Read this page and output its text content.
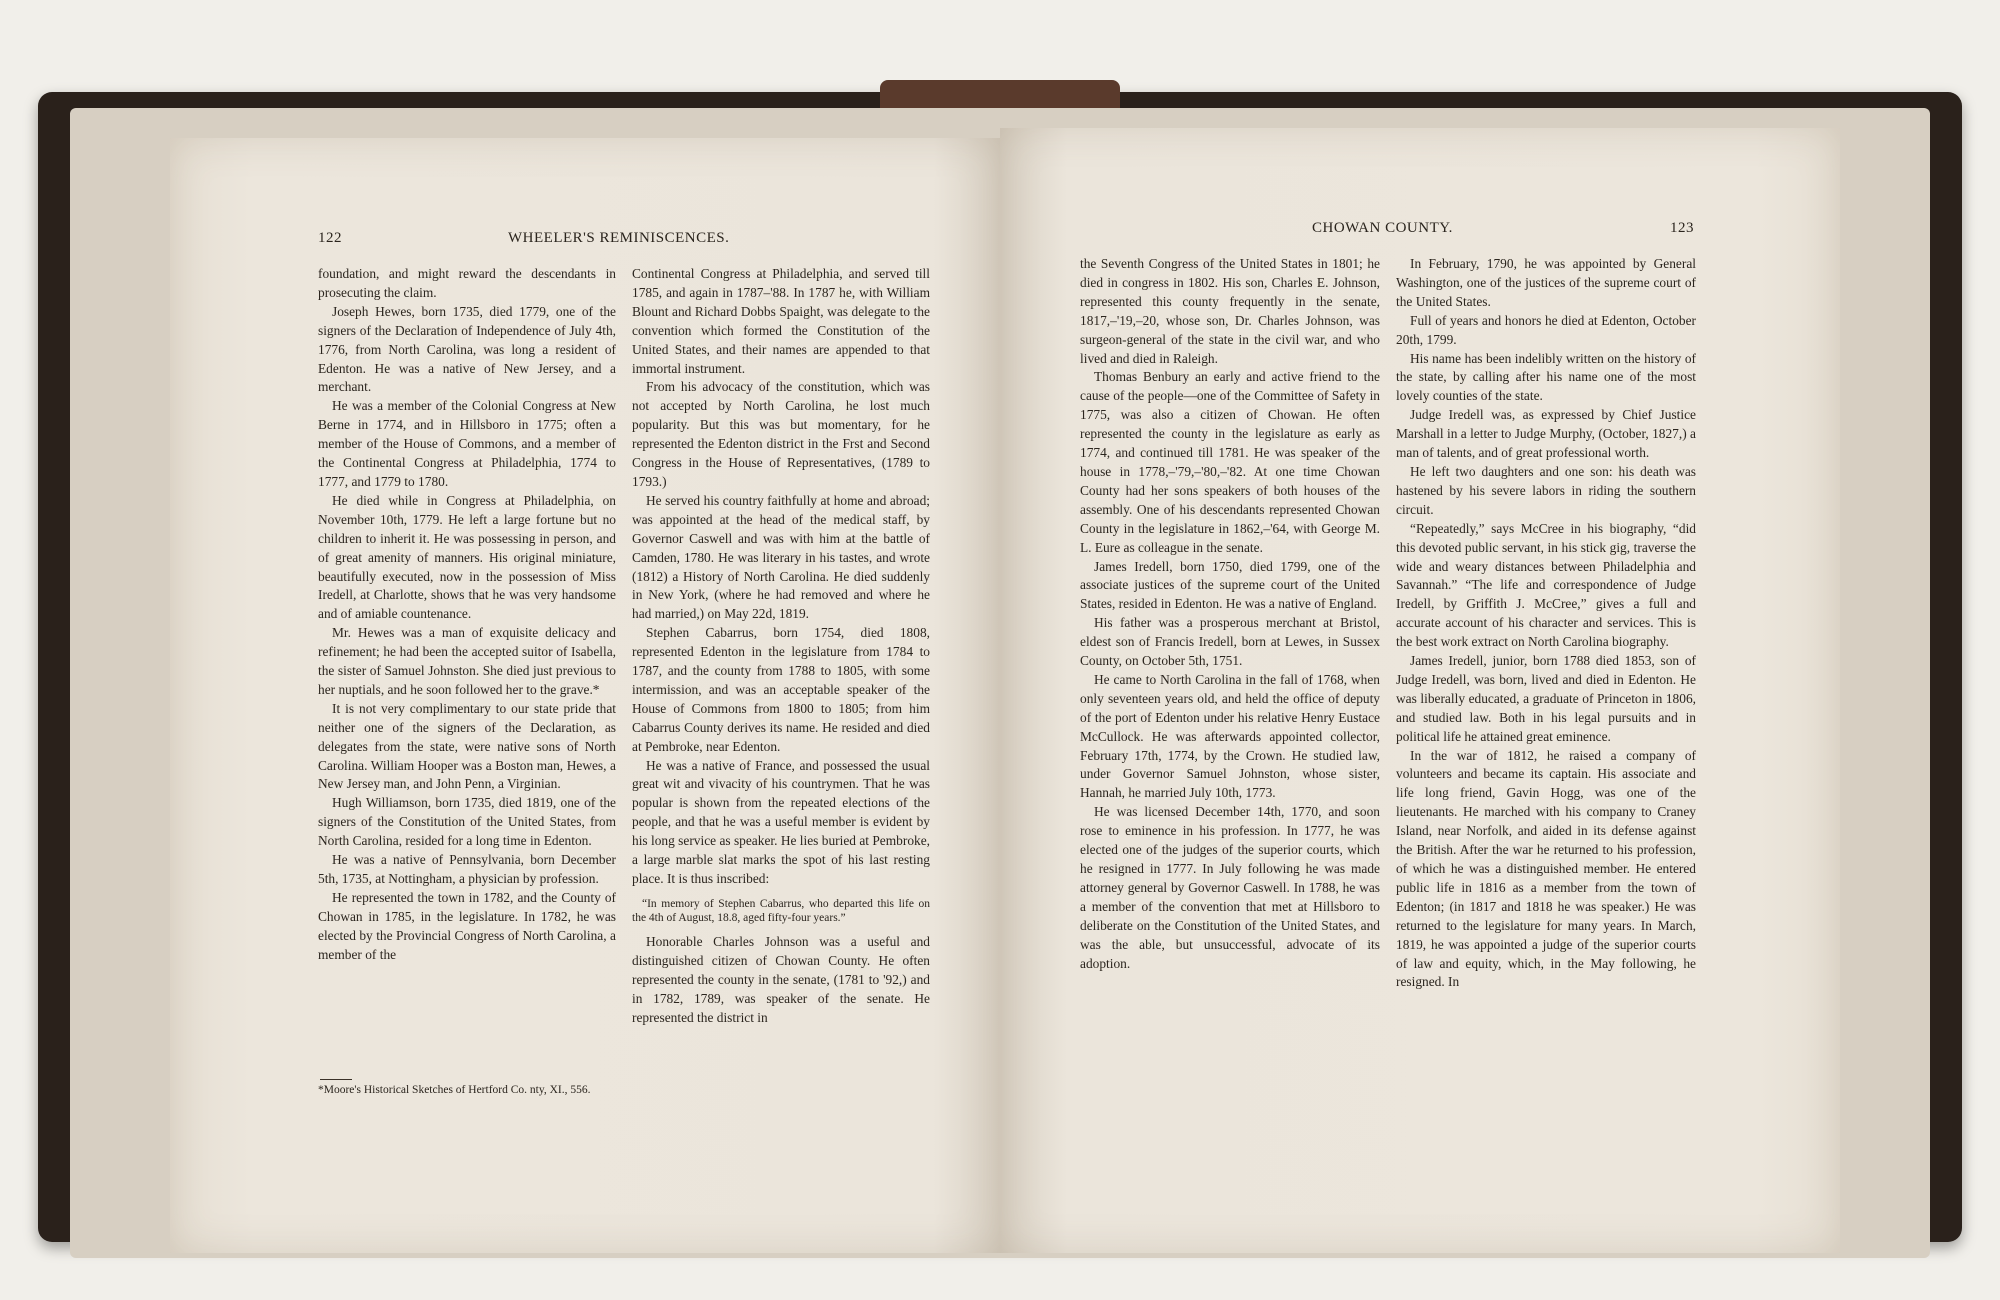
122	WHEELER'S REMINISCENCES.

foundation, and might reward the descendants in prosecuting the claim.

Joseph Hewes, born 1735, died 1779, one of the signers of the Declaration of Independence of July 4th, 1776, from North Carolina, was long a resident of Edenton. He was a native of New Jersey, and a merchant.

He was a member of the Colonial Congress at New Berne in 1774, and in Hillsboro in 1775; often a member of the House of Commons, and a member of the Continental Congress at Philadelphia, 1774 to 1777, and 1779 to 1780.

He died while in Congress at Philadelphia, on November 10th, 1779. He left a large fortune but no children to inherit it. He was possessing in person, and of great amenity of manners. His original miniature, beautifully executed, now in the possession of Miss Iredell, at Charlotte, shows that he was very handsome and of amiable countenance.

Mr. Hewes was a man of exquisite delicacy and refinement; he had been the accepted suitor of Isabella, the sister of Samuel Johnston. She died just previous to her nuptials, and he soon followed her to the grave.*

It is not very complimentary to our state pride that neither one of the signers of the Declaration, as delegates from the state, were native sons of North Carolina. William Hooper was a Boston man, Hewes, a New Jersey man, and John Penn, a Virginian.

Hugh Williamson, born 1735, died 1819, one of the signers of the Constitution of the United States, from North Carolina, resided for a long time in Edenton.

He was a native of Pennsylvania, born December 5th, 1735, at Nottingham, a physician by profession.

He represented the town in 1782, and the County of Chowan in 1785, in the legislature. In 1782, he was elected by the Provincial Congress of North Carolina, a member of the

*Moore's Historical Sketches of Hertford Co. nty, XI., 556.

Continental Congress at Philadelphia, and served till 1785, and again in 1787–'88. In 1787 he, with William Blount and Richard Dobbs Spaight, was delegate to the convention which formed the Constitution of the United States, and their names are appended to that immortal instrument.

From his advocacy of the constitution, which was not accepted by North Carolina, he lost much popularity. But this was but momentary, for he represented the Edenton district in the Frst and Second Congress in the House of Representatives, (1789 to 1793.)

He served his country faithfully at home and abroad; was appointed at the head of the medical staff, by Governor Caswell and was with him at the battle of Camden, 1780. He was literary in his tastes, and wrote (1812) a History of North Carolina. He died suddenly in New York, (where he had removed and where he had married,) on May 22d, 1819.

Stephen Cabarrus, born 1754, died 1808, represented Edenton in the legislature from 1784 to 1787, and the county from 1788 to 1805, with some intermission, and was an acceptable speaker of the House of Commons from 1800 to 1805; from him Cabarrus County derives its name. He resided and died at Pembroke, near Edenton.

He was a native of France, and possessed the usual great wit and vivacity of his countrymen. That he was popular is shown from the repeated elections of the people, and that he was a useful member is evident by his long service as speaker. He lies buried at Pembroke, a large marble slat marks the spot of his last resting place. It is thus inscribed:

“In memory of Stephen Cabarrus, who departed this life on the 4th of August, 18.8, aged fifty-four years.”

Honorable Charles Johnson was a useful and distinguished citizen of Chowan County. He often represented the county in the senate, (1781 to '92,) and in 1782, 1789, was speaker of the senate. He represented the district in

CHOWAN COUNTY.	123

the Seventh Congress of the United States in 1801; he died in congress in 1802. His son, Charles E. Johnson, represented this county frequently in the senate, 1817,–'19,–20, whose son, Dr. Charles Johnson, was surgeon-general of the state in the civil war, and who lived and died in Raleigh.

Thomas Benbury an early and active friend to the cause of the people—one of the Committee of Safety in 1775, was also a citizen of Chowan. He often represented the county in the legislature as early as 1774, and continued till 1781. He was speaker of the house in 1778,–'79,–'80,–'82. At one time Chowan County had her sons speakers of both houses of the assembly. One of his descendants represented Chowan County in the legislature in 1862,–'64, with George M. L. Eure as colleague in the senate.

James Iredell, born 1750, died 1799, one of the associate justices of the supreme court of the United States, resided in Edenton. He was a native of England.

His father was a prosperous merchant at Bristol, eldest son of Francis Iredell, born at Lewes, in Sussex County, on October 5th, 1751.

He came to North Carolina in the fall of 1768, when only seventeen years old, and held the office of deputy of the port of Edenton under his relative Henry Eustace McCullock. He was afterwards appointed collector, February 17th, 1774, by the Crown. He studied law, under Governor Samuel Johnston, whose sister, Hannah, he married July 10th, 1773.

He was licensed December 14th, 1770, and soon rose to eminence in his profession. In 1777, he was elected one of the judges of the superior courts, which he resigned in 1777. In July following he was made attorney general by Governor Caswell. In 1788, he was a member of the convention that met at Hillsboro to deliberate on the Constitution of the United States, and was the able, but unsuccessful, advocate of its adoption.

In February, 1790, he was appointed by General Washington, one of the justices of the supreme court of the United States.

Full of years and honors he died at Edenton, October 20th, 1799.

His name has been indelibly written on the history of the state, by calling after his name one of the most lovely counties of the state.

Judge Iredell was, as expressed by Chief Justice Marshall in a letter to Judge Murphy, (October, 1827,) a man of talents, and of great professional worth.

He left two daughters and one son: his death was hastened by his severe labors in riding the southern circuit.

“Repeatedly,” says McCree in his biography, “did this devoted public servant, in his stick gig, traverse the wide and weary distances between Philadelphia and Savannah.” “The life and correspondence of Judge Iredell, by Griffith J. McCree,” gives a full and accurate account of his character and services. This is the best work extract on North Carolina biography.

James Iredell, junior, born 1788 died 1853, son of Judge Iredell, was born, lived and died in Edenton. He was liberally educated, a graduate of Princeton in 1806, and studied law. Both in his legal pursuits and in political life he attained great eminence.

In the war of 1812, he raised a company of volunteers and became its captain. His associate and life long friend, Gavin Hogg, was one of the lieutenants. He marched with his company to Craney Island, near Norfolk, and aided in its defense against the British. After the war he returned to his profession, of which he was a distinguished member. He entered public life in 1816 as a member from the town of Edenton; (in 1817 and 1818 he was speaker.) He was returned to the legislature for many years. In March, 1819, he was appointed a judge of the superior courts of law and equity, which, in the May following, he resigned. In
